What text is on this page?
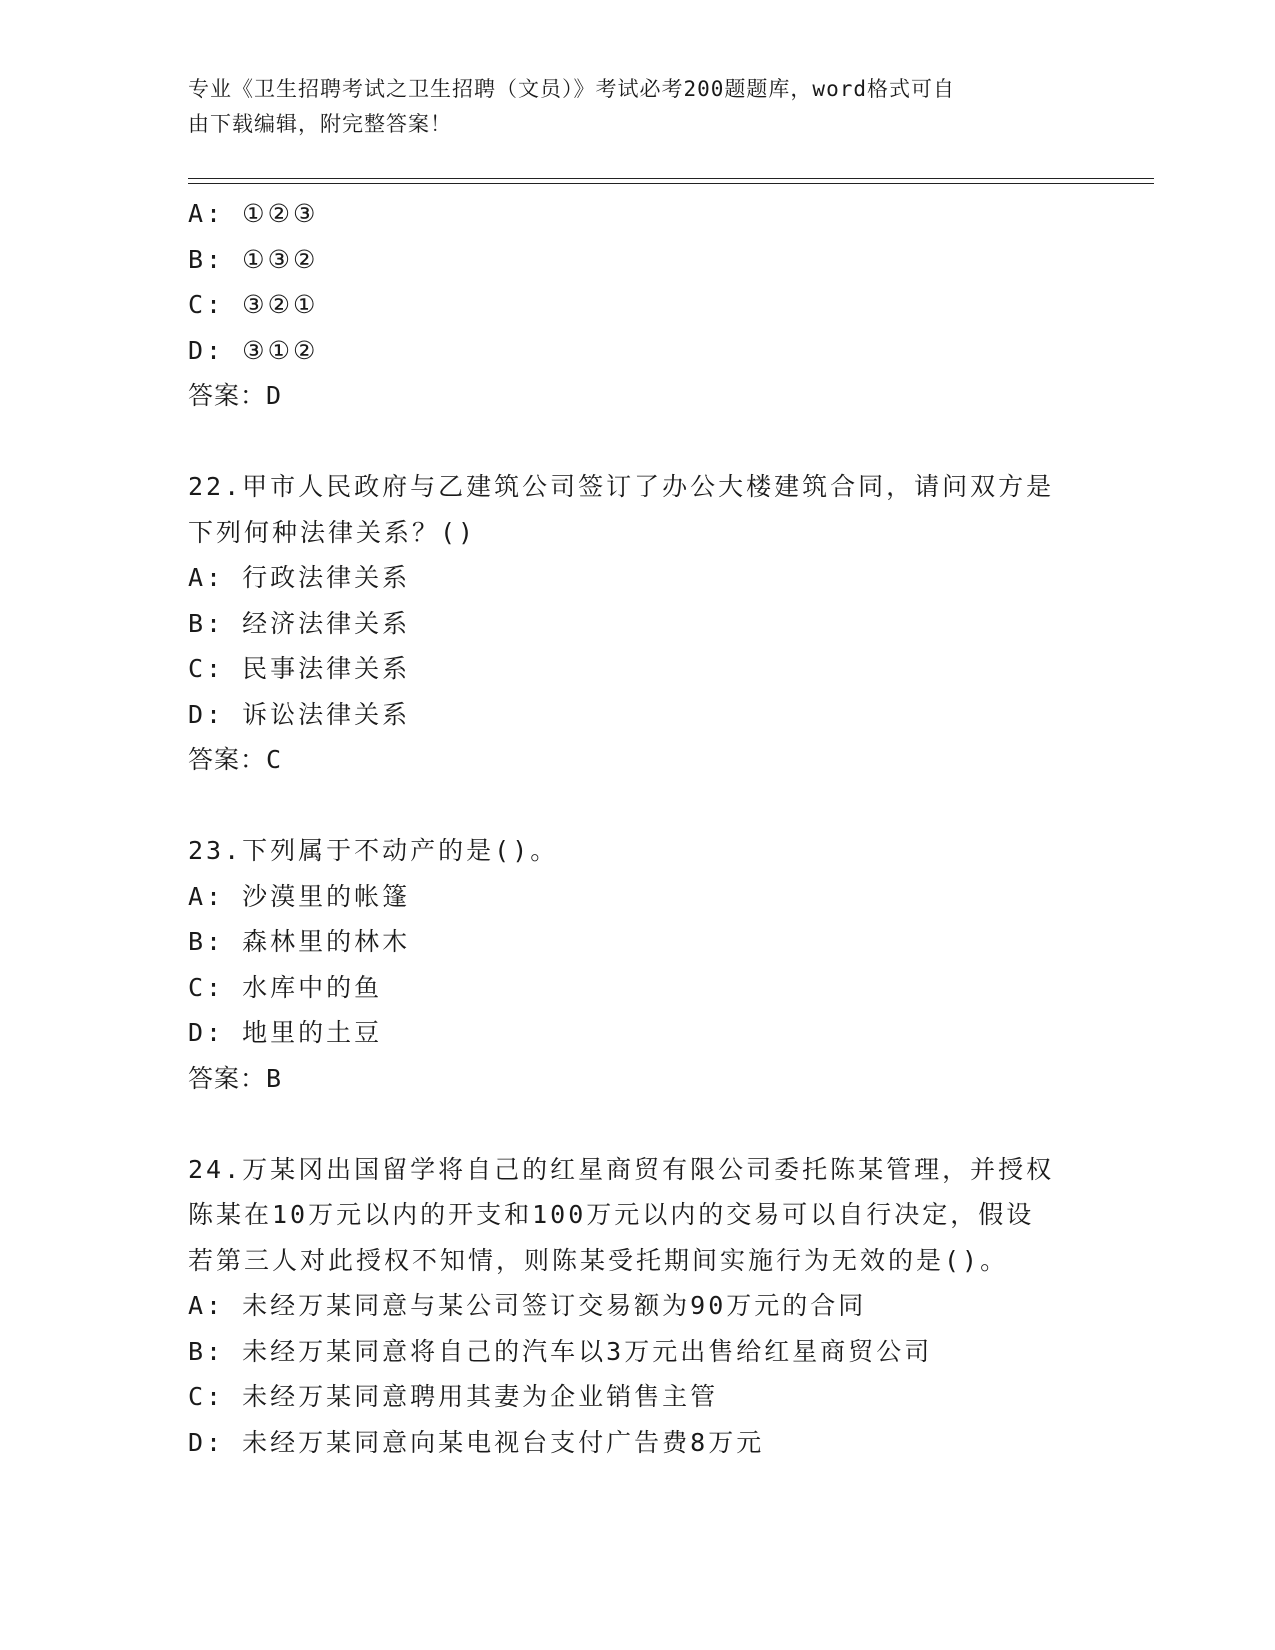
专业《卫生招聘考试之卫生招聘（文员）》考试必考200题题库，word格式可自
由下载编辑，附完整答案！
A: ①②③
B: ①③②
C: ③②①
D: ③①②
答案：D
22.甲市人民政府与乙建筑公司签订了办公大楼建筑合同，请问双方是
下列何种法律关系？()
A: 行政法律关系
B: 经济法律关系
C: 民事法律关系
D: 诉讼法律关系
答案：C
23.下列属于不动产的是()。
A: 沙漠里的帐篷
B: 森林里的林木
C: 水库中的鱼
D: 地里的土豆
答案：B
24.万某冈出国留学将自己的红星商贸有限公司委托陈某管理，并授权
陈某在10万元以内的开支和100万元以内的交易可以自行决定，假设
若第三人对此授权不知情，则陈某受托期间实施行为无效的是()。
A: 未经万某同意与某公司签订交易额为90万元的合同
B: 未经万某同意将自己的汽车以3万元出售给红星商贸公司
C: 未经万某同意聘用其妻为企业销售主管
D: 未经万某同意向某电视台支付广告费8万元
